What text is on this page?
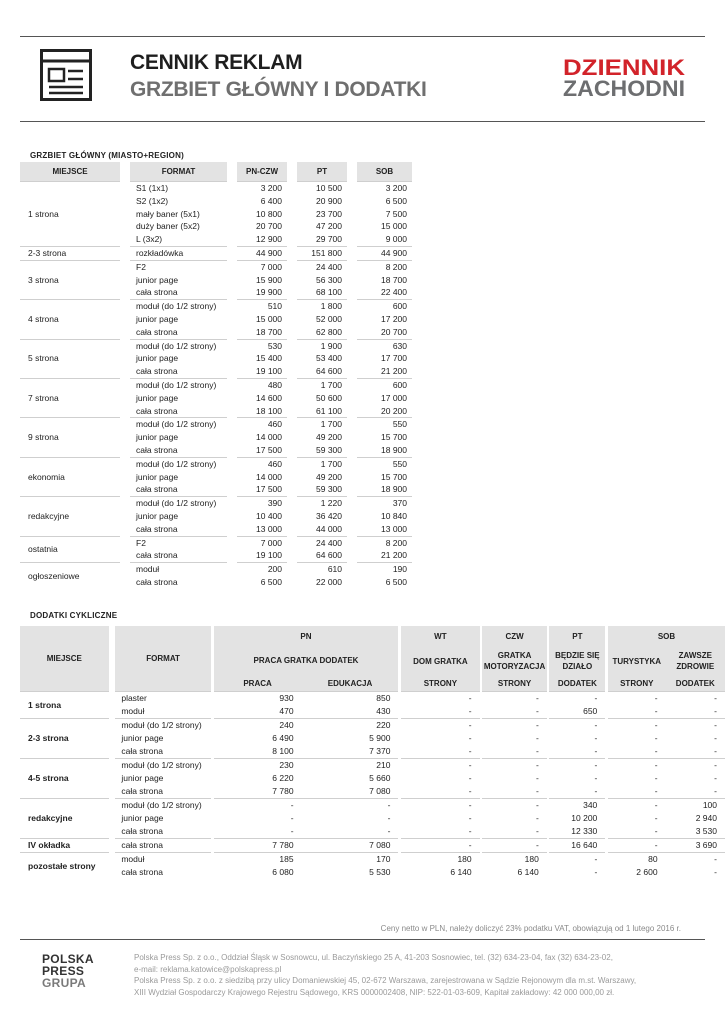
CENNIK REKLAM
GRZBIET GŁÓWNY I DODATKI
DZIENNIK
ZACHODNI
GRZBIET GŁÓWNY (MIASTO+REGION)
MIEJSCE		FORMAT		PN-CZW		PT		SOB
1 strona		S1 (1x1)		3 200		10 500		3 200
		S2 (1x2)		6 400		20 900		6 500
		mały baner (5x1)		10 800		23 700		7 500
		duży baner (5x2)		20 700		47 200		15 000
		L (3x2)		12 900		29 700		9 000
2-3 strona		rozkładówka		44 900		151 800		44 900
3 strona		F2		7 000		24 400		8 200
		junior page		15 900		56 300		18 700
		cała strona		19 900		68 100		22 400
4 strona		moduł (do 1/2 strony)		510		1 800		600
		junior page		15 000		52 000		17 200
		cała strona		18 700		62 800		20 700
5 strona		moduł (do 1/2 strony)		530		1 900		630
		junior page		15 400		53 400		17 700
		cała strona		19 100		64 600		21 200
7 strona		moduł (do 1/2 strony)		480		1 700		600
		junior page		14 600		50 600		17 000
		cała strona		18 100		61 100		20 200
9 strona		moduł (do 1/2 strony)		460		1 700		550
		junior page		14 000		49 200		15 700
		cała strona		17 500		59 300		18 900
ekonomia		moduł (do 1/2 strony)		460		1 700		550
		junior page		14 000		49 200		15 700
		cała strona		17 500		59 300		18 900
redakcyjne		moduł (do 1/2 strony)		390		1 220		370
		junior page		10 400		36 420		10 840
		cała strona		13 000		44 000		13 000
ostatnia		F2		7 000		24 400		8 200
		cała strona		19 100		64 600		21 200
ogłoszeniowe		moduł		200		610		190
		cała strona		6 500		22 000		6 500
DODATKI CYKLICZNE
MIEJSCE		FORMAT		PN			WT		CZW		PT		SOB	
				PRACA GRATKA DODATEK			DOM GRATKA		GRATKA MOTORYZACJA		BĘDZIE SIĘ DZIAŁO		TURYSTYKA	ZAWSZE ZDROWIE
				PRACA	EDUKACJA		STRONY		STRONY		DODATEK		STRONY	DODATEK
1 strona		plaster		930	850		-		-		-		-	-
		moduł		470	430		-		-		650		-	-
2-3 strona		moduł (do 1/2 strony)		240	220		-		-		-		-	-
		junior page		6 490	5 900		-		-		-		-	-
		cała strona		8 100	7 370		-		-		-		-	-
4-5 strona		moduł (do 1/2 strony)		230	210		-		-		-		-	-
		junior page		6 220	5 660		-		-		-		-	-
		cała strona		7 780	7 080		-		-		-		-	-
redakcyjne		moduł (do 1/2 strony)		-	-		-		-		340		-	100
		junior page		-	-		-		-		10 200		-	2 940
		cała strona		-	-		-		-		12 330		-	3 530
IV okładka		cała strona		7 780	7 080		-		-		16 640		-	3 690
pozostałe strony		moduł		185	170		180		180		-		80	-
		cała strona		6 080	5 530		6 140		6 140		-		2 600	-
Ceny netto w PLN, należy doliczyć 23% podatku VAT, obowiązują od 1 lutego 2016 r.
POLSKA
PRESS
GRUPA
Polska Press Sp. z o.o., Oddział Śląsk w Sosnowcu, ul. Baczyńskiego 25 A, 41-203 Sosnowiec, tel. (32) 634-23-04, fax (32) 634-23-02,
e-mail: reklama.katowice@polskapress.pl
Polska Press Sp. z o.o. z siedzibą przy ulicy Domaniewskiej 45, 02-672 Warszawa, zarejestrowana w Sądzie Rejonowym dla m.st. Warszawy,
XIII Wydział Gospodarczy Krajowego Rejestru Sądowego, KRS 0000002408, NIP: 522-01-03-609, Kapitał zakładowy: 42 000 000,00 zł.
